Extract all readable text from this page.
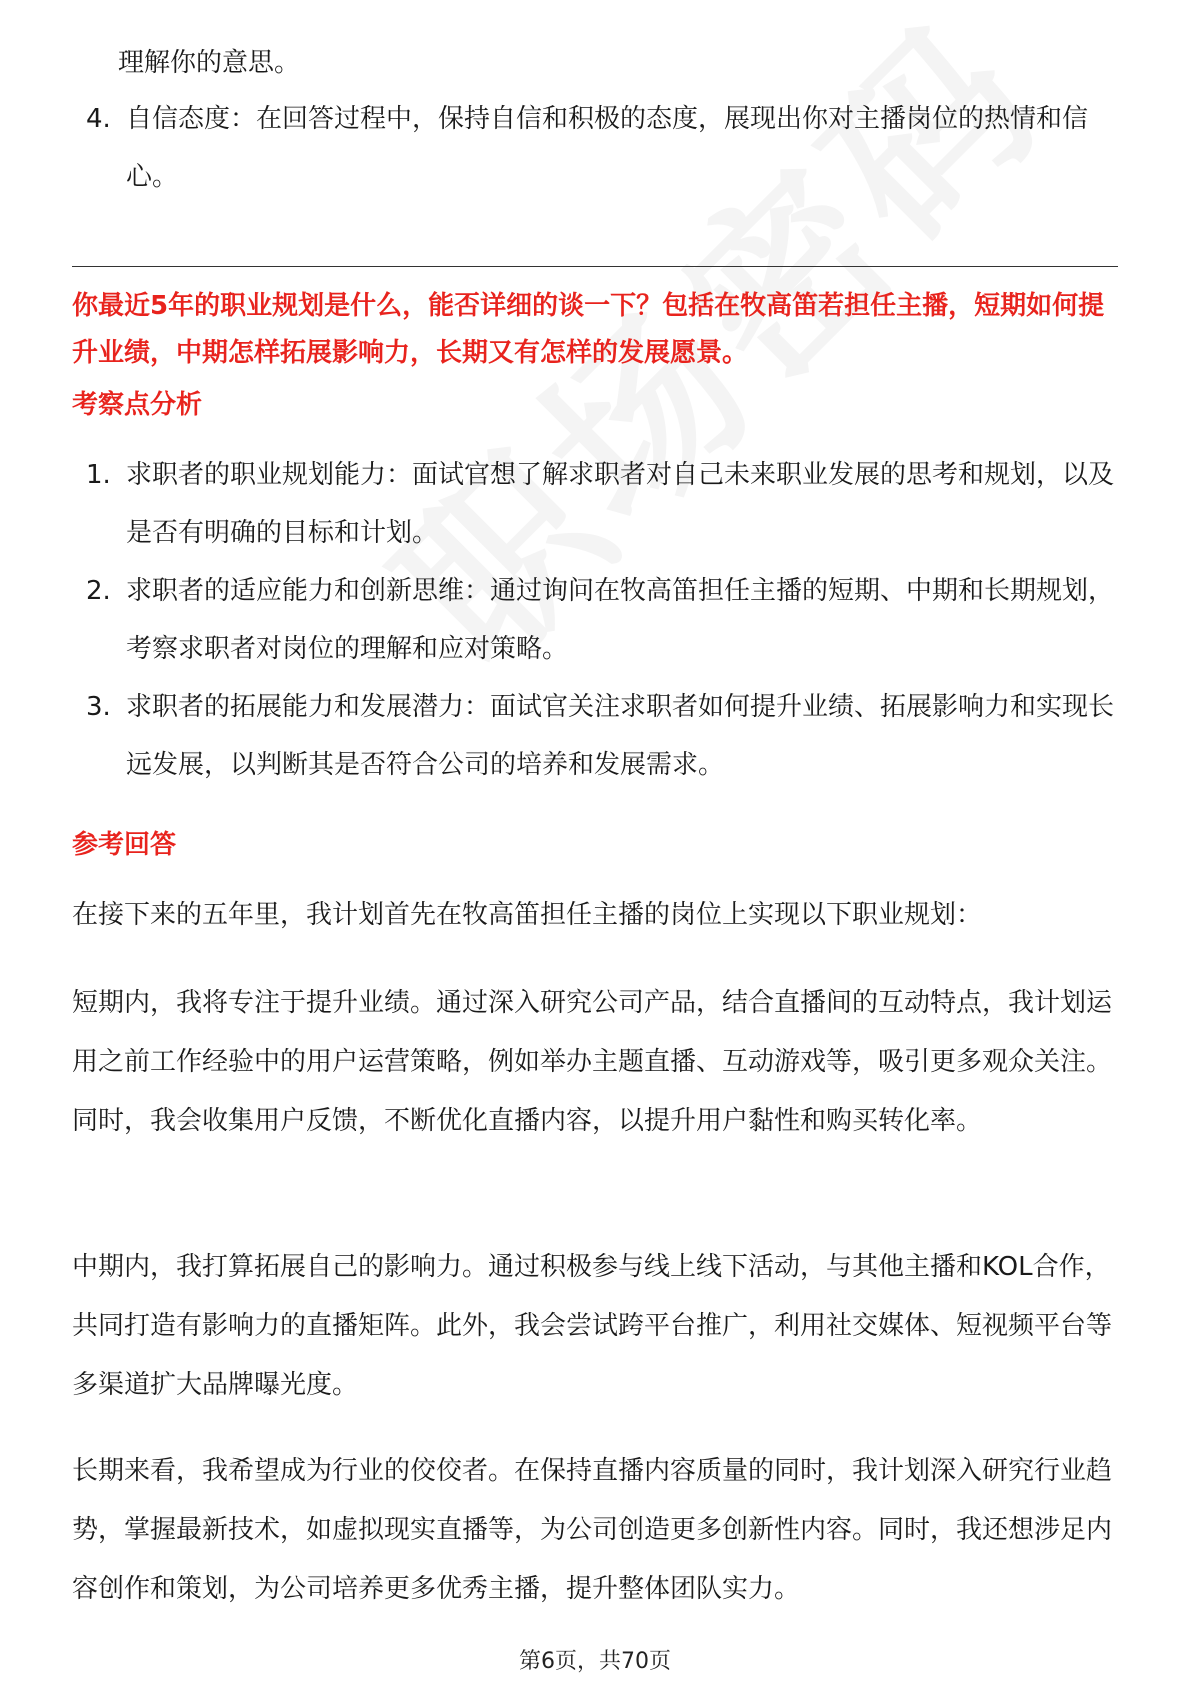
理解你的意思。
4. 自信态度：在回答过程中，保持自信和积极的态度，展现出你对主播岗位的热情和信心。
你最近5年的职业规划是什么，能否详细的谈一下？包括在牧高笛若担任主播，短期如何提升业绩，中期怎样拓展影响力，长期又有怎样的发展愿景。
考察点分析
1. 求职者的职业规划能力：面试官想了解求职者对自己未来职业发展的思考和规划，以及是否有明确的目标和计划。
2. 求职者的适应能力和创新思维：通过询问在牧高笛担任主播的短期、中期和长期规划，考察求职者对岗位的理解和应对策略。
3. 求职者的拓展能力和发展潜力：面试官关注求职者如何提升业绩、拓展影响力和实现长远发展，以判断其是否符合公司的培养和发展需求。
参考回答
在接下来的五年里，我计划首先在牧高笛担任主播的岗位上实现以下职业规划：
短期内，我将专注于提升业绩。通过深入研究公司产品，结合直播间的互动特点，我计划运用之前工作经验中的用户运营策略，例如举办主题直播、互动游戏等，吸引更多观众关注。同时，我会收集用户反馈，不断优化直播内容，以提升用户黏性和购买转化率。
中期内，我打算拓展自己的影响力。通过积极参与线上线下活动，与其他主播和KOL合作，共同打造有影响力的直播矩阵。此外，我会尝试跨平台推广，利用社交媒体、短视频平台等多渠道扩大品牌曝光度。
长期来看，我希望成为行业的佼佼者。在保持直播内容质量的同时，我计划深入研究行业趋势，掌握最新技术，如虚拟现实直播等，为公司创造更多创新性内容。同时，我还想涉足内容创作和策划，为公司培养更多优秀主播，提升整体团队实力。
第6页，共70页
